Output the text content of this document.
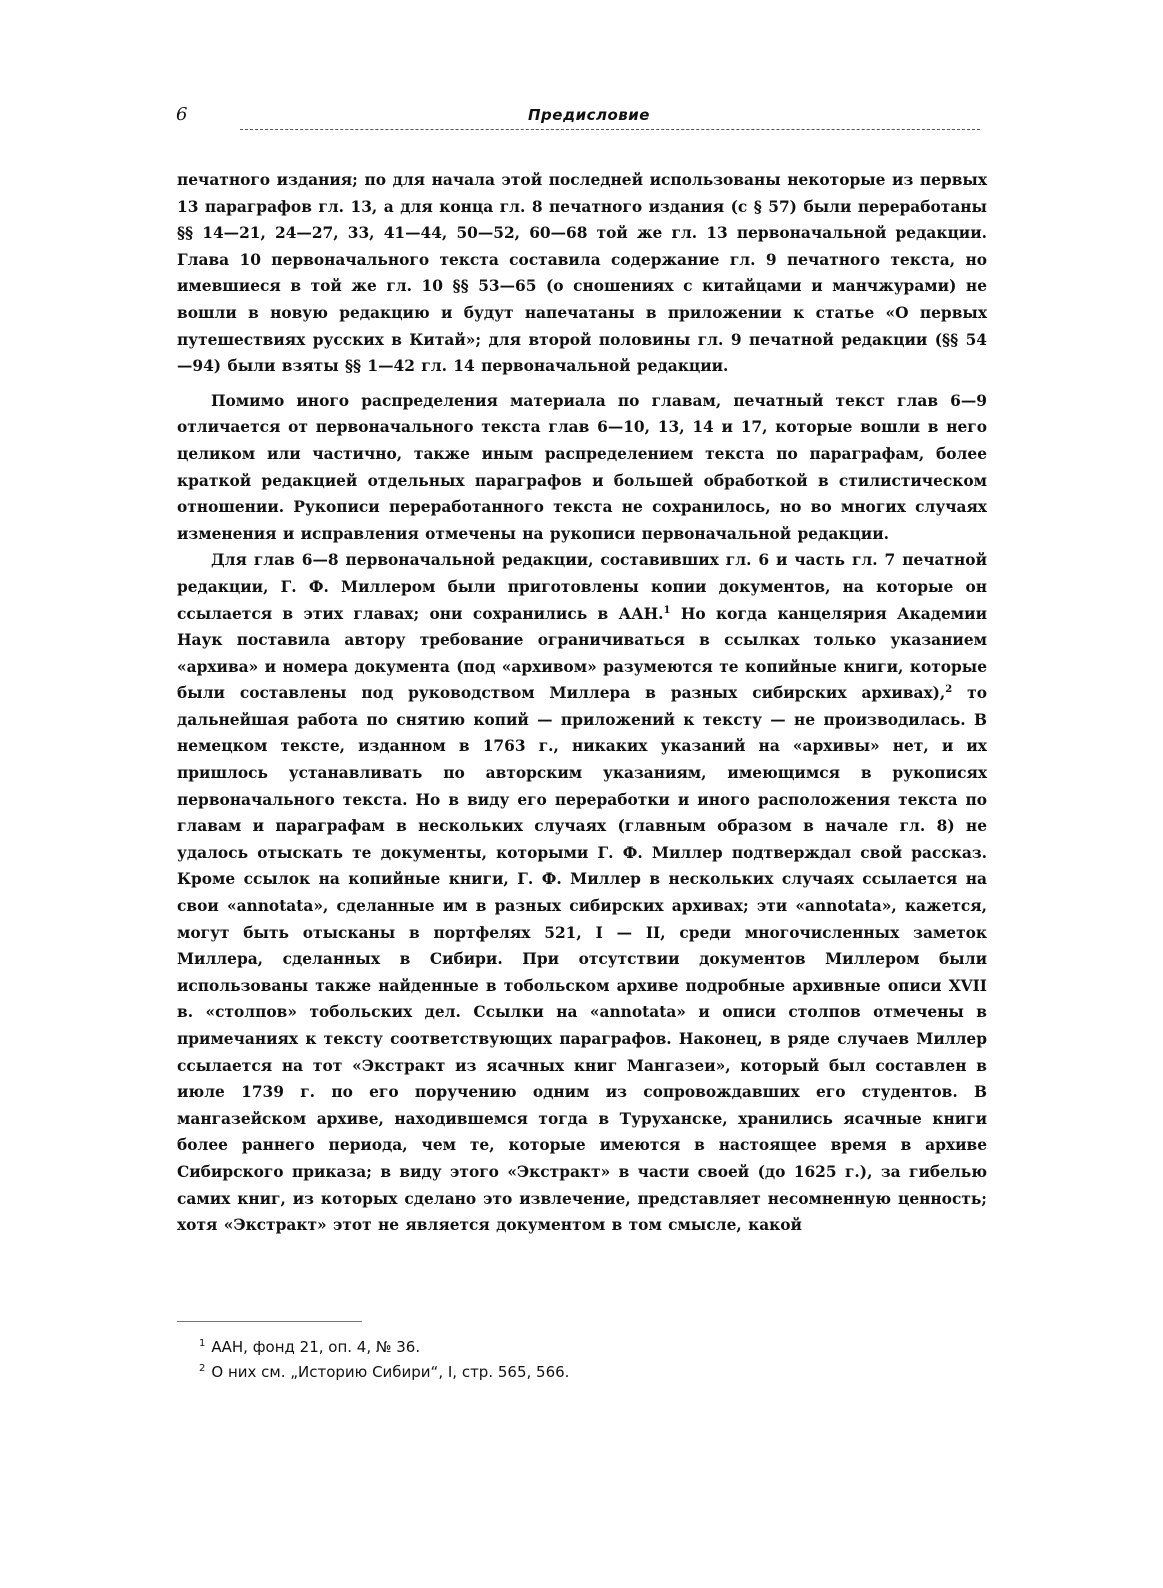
6	Предисловие

печатного издания; по для начала этой последней использованы некоторые из первых 13 параграфов гл. 13, а для конца гл. 8 печатного издания (с § 57) были переработаны §§ 14—21, 24—27, 33, 41—44, 50—52, 60—68 той же гл. 13 первоначальной редакции. Глава 10 первоначального текста составила содержание гл. 9 печатного текста, но имевшиеся в той же гл. 10 §§ 53—65 (о сношениях с китайцами и манчжурами) не вошли в новую редакцию и будут напечатаны в приложении к статье «О первых путешествиях русских в Китай»; для второй половины гл. 9 печатной редакции (§§ 54—94) были взяты §§ 1—42 гл. 14 первоначальной редакции.

Помимо иного распределения материала по главам, печатный текст глав 6—9 отличается от первоначального текста глав 6—10, 13, 14 и 17, которые вошли в него целиком или частично, также иным распределением текста по параграфам, более краткой редакцией отдельных параграфов и большей обработкой в стилистическом отношении. Рукописи переработанного текста не сохранилось, но во многих случаях изменения и исправления отмечены на рукописи первоначальной редакции.

Для глав 6—8 первоначальной редакции, составивших гл. 6 и часть гл. 7 печатной редакции, Г. Ф. Миллером были приготовлены копии документов, на которые он ссылается в этих главах; они сохранились в ААН.$^1$ Но когда канцелярия Академии Наук поставила автору требование ограничиваться в ссылках только указанием «архива» и номера документа (под «архивом» разумеются те копийные книги, которые были составлены под руководством Миллера в разных сибирских архивах),$^2$ то дальнейшая работа по снятию копий — приложений к тексту — не производилась. В немецком тексте, изданном в 1763 г., никаких указаний на «архивы» нет, и их пришлось устанавливать по авторским указаниям, имеющимся в рукописях первоначального текста. Но в виду его переработки и иного расположения текста по главам и параграфам в нескольких случаях (главным образом в начале гл. 8) не удалось отыскать те документы, которыми Г. Ф. Миллер подтверждал свой рассказ. Кроме ссылок на копийные книги, Г. Ф. Миллер в нескольких случаях ссылается на свои «annotata», сделанные им в разных сибирских архивах; эти «annotata», кажется, могут быть отысканы в портфелях 521, I — II, среди многочисленных заметок Миллера, сделанных в Сибири. При отсутствии документов Миллером были использованы также найденные в тобольском архиве подробные архивные описи XVII в. «столпов» тобольских дел. Ссылки на «annotata» и описи столпов отмечены в примечаниях к тексту соответствующих параграфов. Наконец, в ряде случаев Миллер ссылается на тот «Экстракт из ясачных книг Мангазеи», который был составлен в июле 1739 г. по его поручению одним из сопровождавших его студентов. В мангазейском архиве, находившемся тогда в Туруханске, хранились ясачные книги более раннего периода, чем те, которые имеются в настоящее время в архиве Сибирского приказа; в виду этого «Экстракт» в части своей (до 1625 г.), за гибелью самих книг, из которых сделано это извлечение, представляет несомненную ценность; хотя «Экстракт» этот не является документом в том смысле, какой

$^1$ ААН, фонд 21, оп. 4, № 36.
$^2$ О них см. „Историю Сибири“, I, стр. 565, 566.
